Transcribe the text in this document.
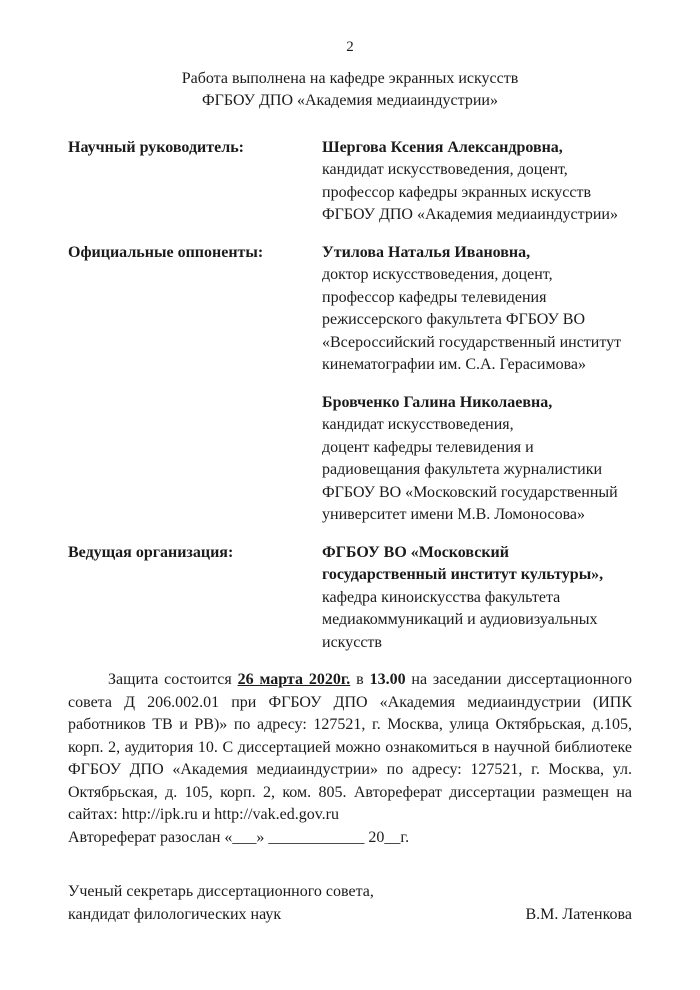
2
Работа выполнена на кафедре экранных искусств
ФГБОУ ДПО «Академия медиаиндустрии»
Научный руководитель:	Шергова Ксения Александровна,
кандидат искусствоведения, доцент,
профессор кафедры экранных искусств
ФГБОУ ДПО «Академия медиаиндустрии»
Официальные оппоненты:	Утилова Наталья Ивановна,
доктор искусствоведения, доцент,
профессор кафедры телевидения
режиссерского факультета ФГБОУ ВО
«Всероссийский государственный институт
кинематографии им. С.А. Герасимова»
Бровченко Галина Николаевна,
кандидат искусствоведения,
доцент кафедры телевидения и
радиовещания факультета журналистики
ФГБОУ ВО «Московский государственный
университет имени М.В. Ломоносова»
Ведущая организация:	ФГБОУ ВО «Московский
государственный институт культуры»,
кафедра киноискусства факультета
медиакоммуникаций и аудиовизуальных
искусств

Защита состоится 26 марта 2020г. в 13.00 на заседании диссертационного совета Д 206.002.01 при ФГБОУ ДПО «Академия медиаиндустрии (ИПК работников ТВ и РВ)» по адресу: 127521, г. Москва, улица Октябрьская, д.105, корп. 2, аудитория 10. С диссертацией можно ознакомиться в научной библиотеке ФГБОУ ДПО «Академия медиаиндустрии» по адресу: 127521, г. Москва, ул. Октябрьская, д. 105, корп. 2, ком. 805. Автореферат диссертации размещен на сайтах: http://ipk.ru и http://vak.ed.gov.ru

Автореферат разослан «___» ____________ 20__г.

Ученый секретарь диссертационного совета,
кандидат филологических наук	В.М. Латенкова
